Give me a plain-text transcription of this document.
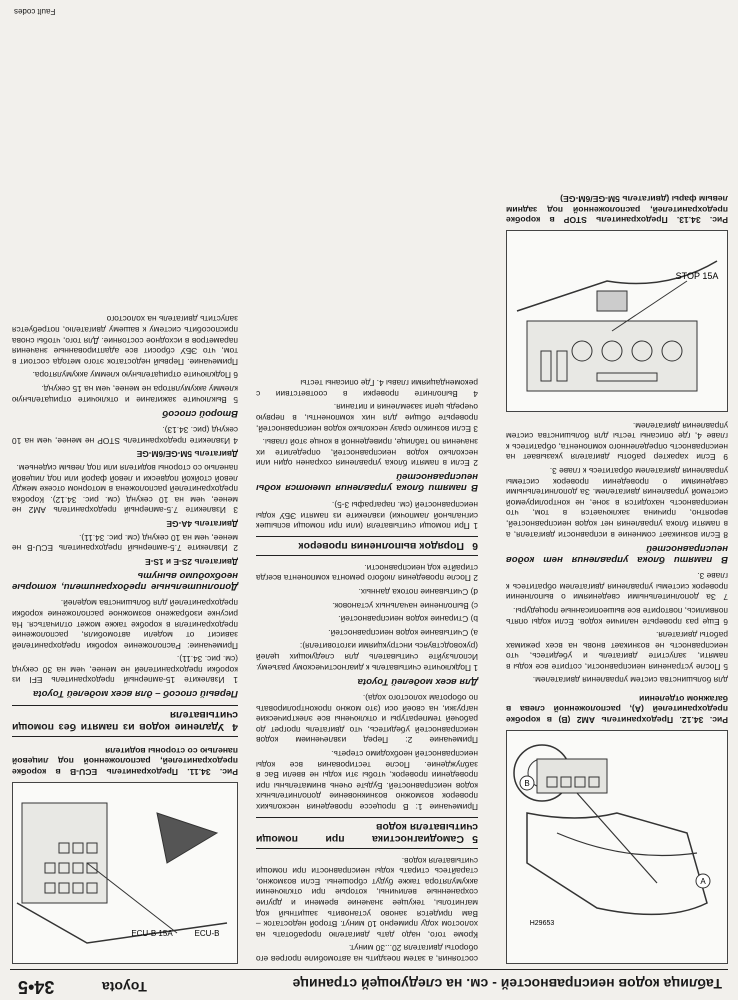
34•5	Toyota	Таблица кодов неисправностей - см. на следующей странице
A
B
H29653
Рис. 34.12. Предохранитель AM2 (B) в коробке предохранителей (A), расположенной слева в багажном отделении

для большинства систем управления двигателем.

5 После устранения неисправности, сотрите все коды в памяти, запустите двигатель и убедитесь, что неисправность не возникает вновь на всех режимах работы двигателя.

6 Еще раз проверьте наличие кодов. Если коды опять появились, повторите все вышеописанные процедуры.

7 За дополнительными сведениями о выполнении проверок системы управления двигателем обратитесь к главе 3.

В памяти блока управления нет кодов неисправностей

8 Если возникает сомнение в исправности двигателя, а в памяти блока управления нет кодов неисправностей, вероятно, причина заключается в том, что неисправность находится в зоне, не контролируемой системой управления двигателем. За дополнительными сведениями о проведении проверок системы управления двигателем обратитесь к главе 3.

9 Если характер работы двигателя указывает на неисправность определенного компонента, обратитесь к главе 4, где описаны тесты для большинства систем управления двигателем.

STOP 15A
Рис. 34.13. Предохранитель STOP в коробке предохранителей, расположенной под задним левым фары (двигатель 5M-GE/6M-GE)

состояния, а затем поездить на автомобиле прогрев его обороты двигателя 20...30 минут.

Кроме того, надо дать двигателю проработать на холостом ходу примерно 10 минут. Второй недостаток – Вам придется заново установить защитный код магнитолы, текущее значение времени и другие сохраненные величины, которые при отключении аккумулятора также будут сброшены. Если возможно, старайтесь стирать коды неисправности при помощи считывателя кодов.

5Самодиагностика при помощи считывателя кодов

Примечание 1: В процессе проведения нескольких проверок возможно возникновение дополнительных кодов неисправностей. Будьте очень внимательны при проведении проверок, чтобы эти коды не ввели Вас в заблуждение. После тестирования все коды неисправностей необходимо стереть.

Примечание 2: Перед извлечением кодов неисправностей убедитесь, что двигатель прогрет до рабочей температуры и отключены все электрические нагрузки, на своей оси (это можно проконтролировать по оборотам холостого хода).

Для всех моделей Toyota

1 Подключите считыватель к диагностическому разъему. Используйте считыватель для следующих целей (руководствуясь инструкциями изготовителя):

a) Считывание кодов неисправностей.

b) Стирание кодов неисправностей.

c) Выполнение начальных установок.

d) Считывание потока данных.

2 После проведения любого ремонта компонента всегда стирайте код неисправности.

6Порядок выполнения проверок

1 При помощи считывателя (или при помощи вспышек сигнальной лампочки) извлеките из памяти ЭБУ коды неисправностей (см. параграфы 3-5).

В памяти блока управления имеются коды неисправностей

2 Если в памяти блока управления сохранен один или несколько кодов неисправностей, определите их значения по таблице, приведенной в конце этой главы.

3 Если возникло сразу несколько кодов неисправностей, проверьте общие для них компоненты, в первую очередь цепи заземления и питания.

4 Выполните проверки в соответствии с рекомендациями главы 4. Где описаны тесты

ECU-B 15A	ECU-B
Рис. 34.11. Предохранитель ECU-B в коробке предохранителей, расположенной под лицевой панелью со стороны водителя
4Удаление кодов из памяти без помощи считывателя
Первый способ – для всех моделей Toyota

1 Извлеките 15-амперный предохранитель EFI из коробки предохранителей не менее, чем на 30 секунд (см. рис. 34.11).

Примечание: Расположение коробки предохранителей зависит от модели автомобиля, расположение предохранителя в коробке также может отличаться. На рисунке изображено возможное расположение коробки предохранителей для большинства моделей.

Дополнительные предохранители, которые необходимо вынуть

Двигатель 2S-E и 1S-E

2 Извлеките 7.5-амперный предохранитель ECU-B не менее, чем на 10 секунд (см. рис. 34.11).

Двигатель 4A-GE

3 Извлеките 7.5-амперный предохранитель AM2 не менее, чем на 10 секунд (см. рис. 34.12). Коробка предохранителей расположена в моторном отсеке между левой стойкой подвески и левой фарой или под лицевой панелью со стороны водителя или под левым сиденьем.

Двигатель 5M-GE/6M-GE

4 Извлеките предохранитель STOP не менее, чем на 10 секунд (рис. 34.13).

Второй способ

5 Выключите зажигание и отключите отрицательную клемму аккумулятора не менее, чем на 15 секунд.

6 Подключите отрицательную клемму аккумулятора.

Примечание. Первый недостаток этого метода состоит в том, что ЭБУ сбросит все адаптированные значения параметров в исходное состояние. Для того, чтобы снова приспособить систему к вашему двигателю, потребуется запустить двигатель на холостого

Fault codes
